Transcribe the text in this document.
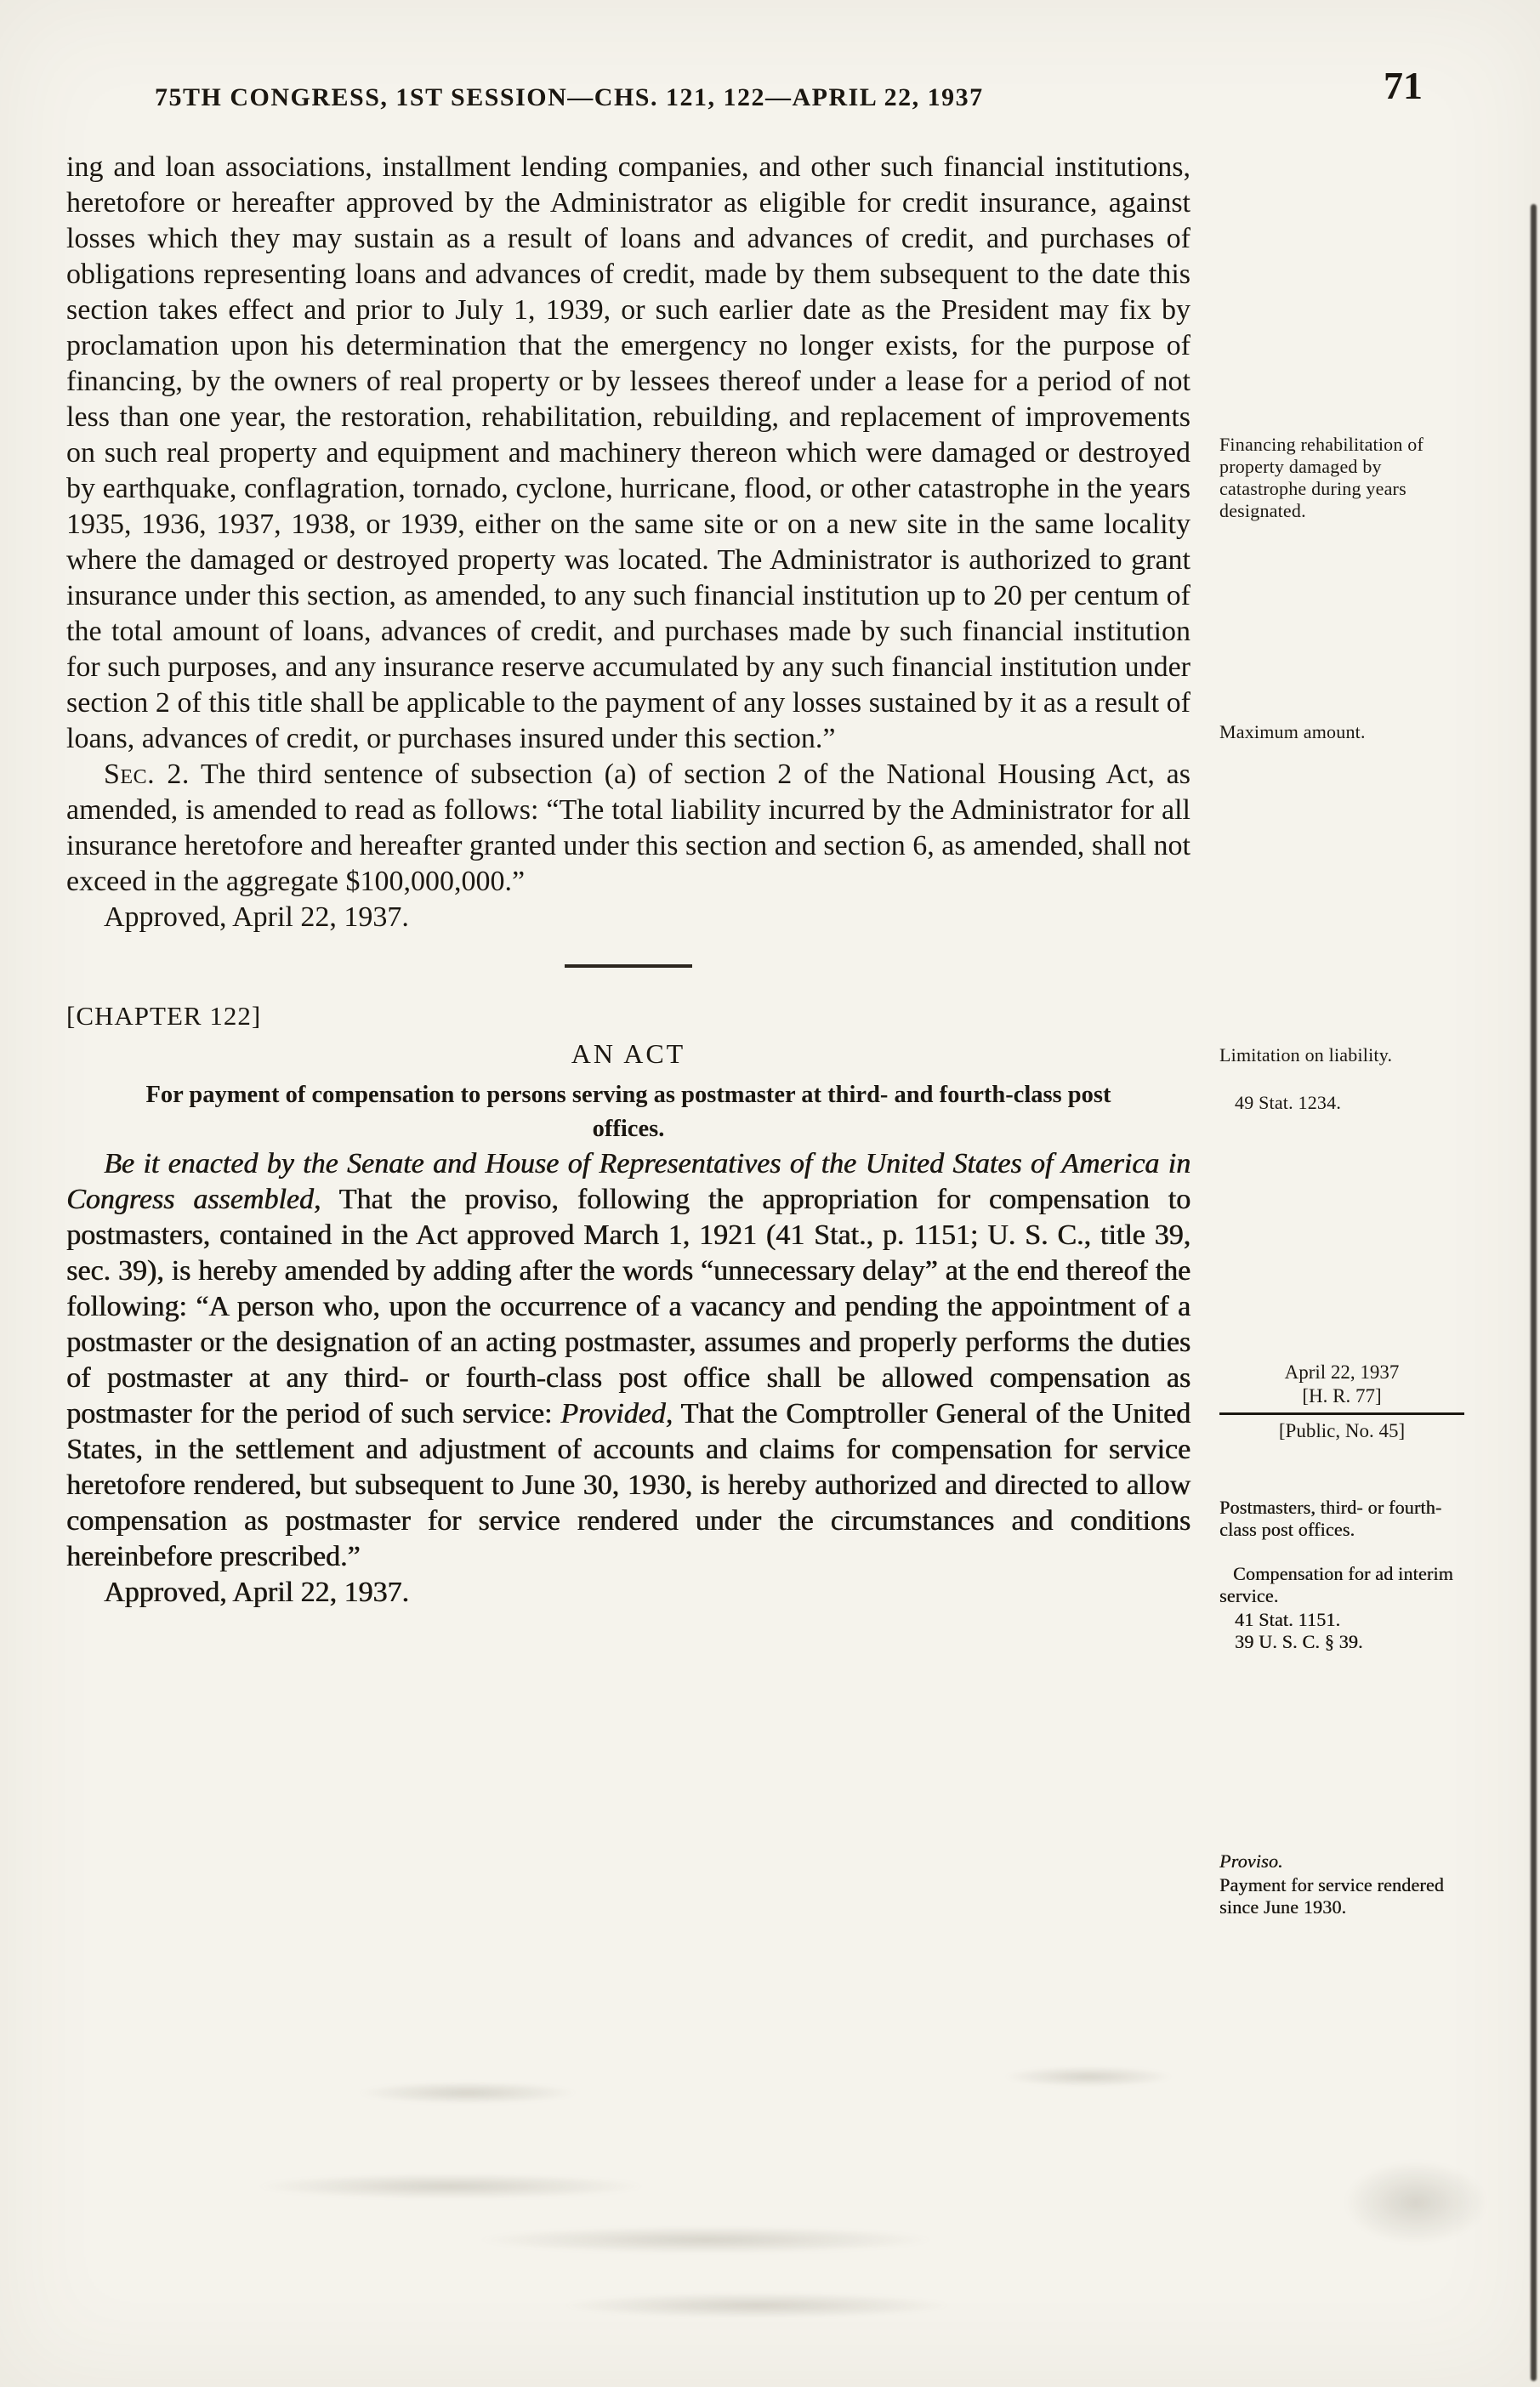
75TH CONGRESS, 1ST SESSION—CHS. 121, 122—APRIL 22, 1937	71

ing and loan associations, installment lending companies, and other such financial institutions, heretofore or hereafter approved by the Administrator as eligible for credit insurance, against losses which they may sustain as a result of loans and advances of credit, and purchases of obligations representing loans and advances of credit, made by them subsequent to the date this section takes effect and prior to July 1, 1939, or such earlier date as the President may fix by proclamation upon his determination that the emergency no longer exists, for the purpose of financing, by the owners of real property or by lessees thereof under a lease for a period of not less than one year, the restoration, rehabilitation, rebuilding, and replacement of improvements on such real property and equipment and machinery thereon which were damaged or destroyed by earthquake, conflagration, tornado, cyclone, hurricane, flood, or other catastrophe in the years 1935, 1936, 1937, 1938, or 1939, either on the same site or on a new site in the same locality where the damaged or destroyed property was located. The Administrator is authorized to grant insurance under this section, as amended, to any such financial institution up to 20 per centum of the total amount of loans, advances of credit, and purchases made by such financial institution for such purposes, and any insurance reserve accumulated by any such financial institution under section 2 of this title shall be applicable to the payment of any losses sustained by it as a result of loans, advances of credit, or purchases insured under this section.”

Sec. 2. The third sentence of subsection (a) of section 2 of the National Housing Act, as amended, is amended to read as follows: “The total liability incurred by the Administrator for all insurance heretofore and hereafter granted under this section and section 6, as amended, shall not exceed in the aggregate $100,000,000.”

Approved, April 22, 1937.

[CHAPTER 122]
AN ACT
For payment of compensation to persons serving as postmaster at third- and fourth-class post offices.

Be it enacted by the Senate and House of Representatives of the United States of America in Congress assembled, That the proviso, following the appropriation for compensation to postmasters, contained in the Act approved March 1, 1921 (41 Stat., p. 1151; U. S. C., title 39, sec. 39), is hereby amended by adding after the words “unnecessary delay” at the end thereof the following: “A person who, upon the occurrence of a vacancy and pending the appointment of a postmaster or the designation of an acting postmaster, assumes and properly performs the duties of postmaster at any third- or fourth-class post office shall be allowed compensation as postmaster for the period of such service: Provided, That the Comptroller General of the United States, in the settlement and adjustment of accounts and claims for compensation for service heretofore rendered, but subsequent to June 30, 1930, is hereby authorized and directed to allow compensation as postmaster for service rendered under the circumstances and conditions hereinbefore prescribed.”

Approved, April 22, 1937.

Financing rehabilitation of property damaged by catastrophe during years designated.
Maximum amount.
Limitation on liability.
49 Stat. 1234.
April 22, 1937
[H. R. 77]
[Public, No. 45]
Postmasters, third- or fourth-class post offices.
Compensation for ad interim service.
41 Stat. 1151.
39 U. S. C. § 39.
Proviso.
Payment for service rendered since June 1930.
